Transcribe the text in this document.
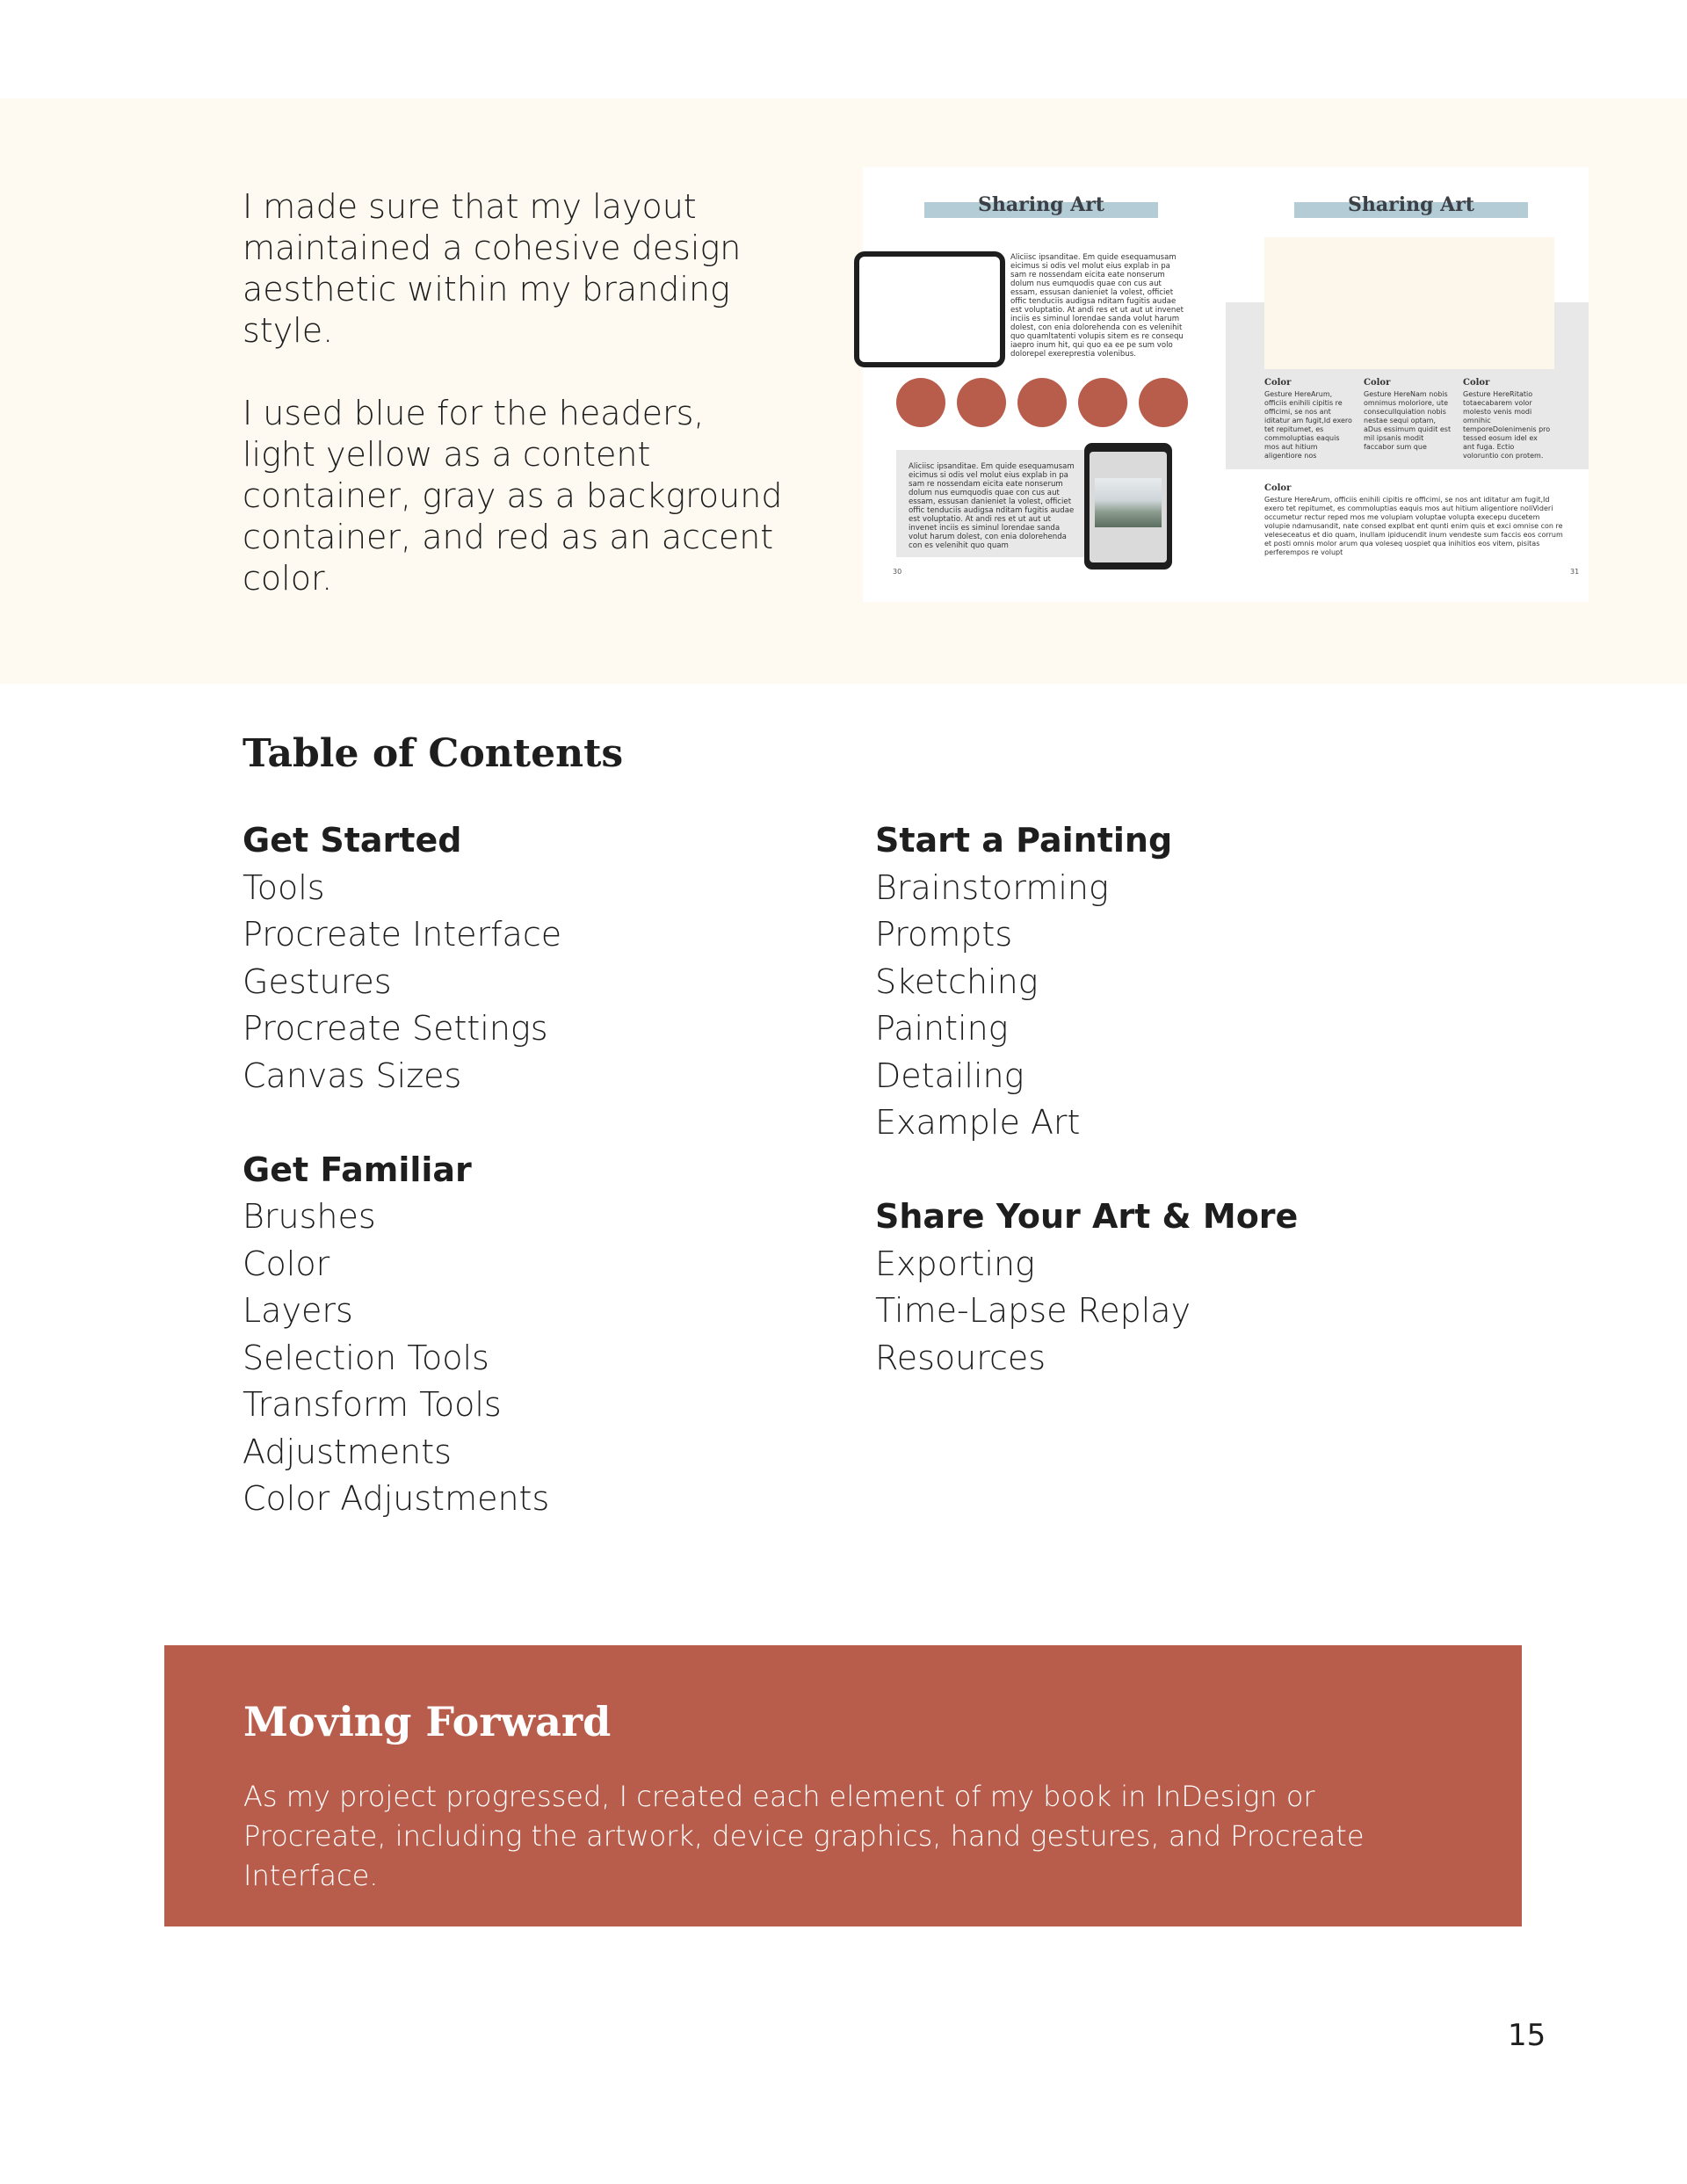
I made sure that my layout maintained a cohesive design aesthetic within my branding style.

I used blue for the headers, light yellow as a content container, gray as a background container, and red as an accent color.

Sharing Art
Aliciisc ipsanditae. Em quide esequamusam eicimus si odis vel molut eius explab in pa sam re nossendam eicita eate nonserum dolum nus eumquodis quae con cus aut essam, essusan danieniet la volest, officiet offic tenduciis audigsa nditam fugitis audae est voluptatio. At andi res et ut aut ut invenet inciis es siminul lorendae sanda volut harum dolest, con enia dolorehenda con es velenihit quo quamltatenti volupis sitem es re consequ iaepro inum hit, qui quo ea ee pe sum volo dolorepel exereprestia volenibus.
Aliciisc ipsanditae. Em quide esequamusam eicimus si odis vel molut eius explab in pa sam re nossendam eicita eate nonserum dolum nus eumquodis quae con cus aut essam, essusan danieniet la volest, officiet offic tenduciis audigsa nditam fugitis audae est voluptatio. At andi res et ut aut ut invenet inciis es siminul lorendae sanda volut harum dolest, con enia dolorehenda con es velenihit quo quam
30
Sharing Art
Color
Gesture HereArum, officiis enihili cipitis re officimi, se nos ant iditatur am fugit,Id exero tet repitumet, es commoluptias eaquis mos aut hitium aligentiore nos
Color
Gesture HereNam nobis omnimus moloriore, ute consecullquiation nobis nestae sequi optam, aDus essimum quidit est mil ipsanis modit faccabor sum que
Color
Gesture HereRitatio totaecabarem volor molesto venis modi omnihic temporeDolenimenis pro tessed eosum idel ex ant fuga. Ectio voloruntio con protem.
Color
Gesture HereArum, officiis enihili cipitis re officimi, se nos ant iditatur am fugit,Id exero tet repitumet, es commoluptias eaquis mos aut hitium aligentiore noliVideri occumetur rectur reped mos me volupiam voluptae volupta execepu ducetem volupie ndamusandit, nate consed explbat ent qunti enim quis et exci omnise con re veleseceatus et dio quam, inullam ipiducendit inum vendeste sum faccis eos corrum et posti omnis molor arum qua voleseq uospiet qua inihitios eos vitem, pisitas perferempos re volupt
31
Table of Contents
Get Started
Tools
Procreate Interface
Gestures
Procreate Settings
Canvas Sizes
Get Familiar
Brushes
Color
Layers
Selection Tools
Transform Tools
Adjustments
Color Adjustments
Start a Painting
Brainstorming
Prompts
Sketching
Painting
Detailing
Example Art
Share Your Art & More
Exporting
Time-Lapse Replay
Resources
Moving Forward
As my project progressed, I created each element of my book in InDesign or Procreate, including the artwork, device graphics, hand gestures, and Procreate Interface.
15
